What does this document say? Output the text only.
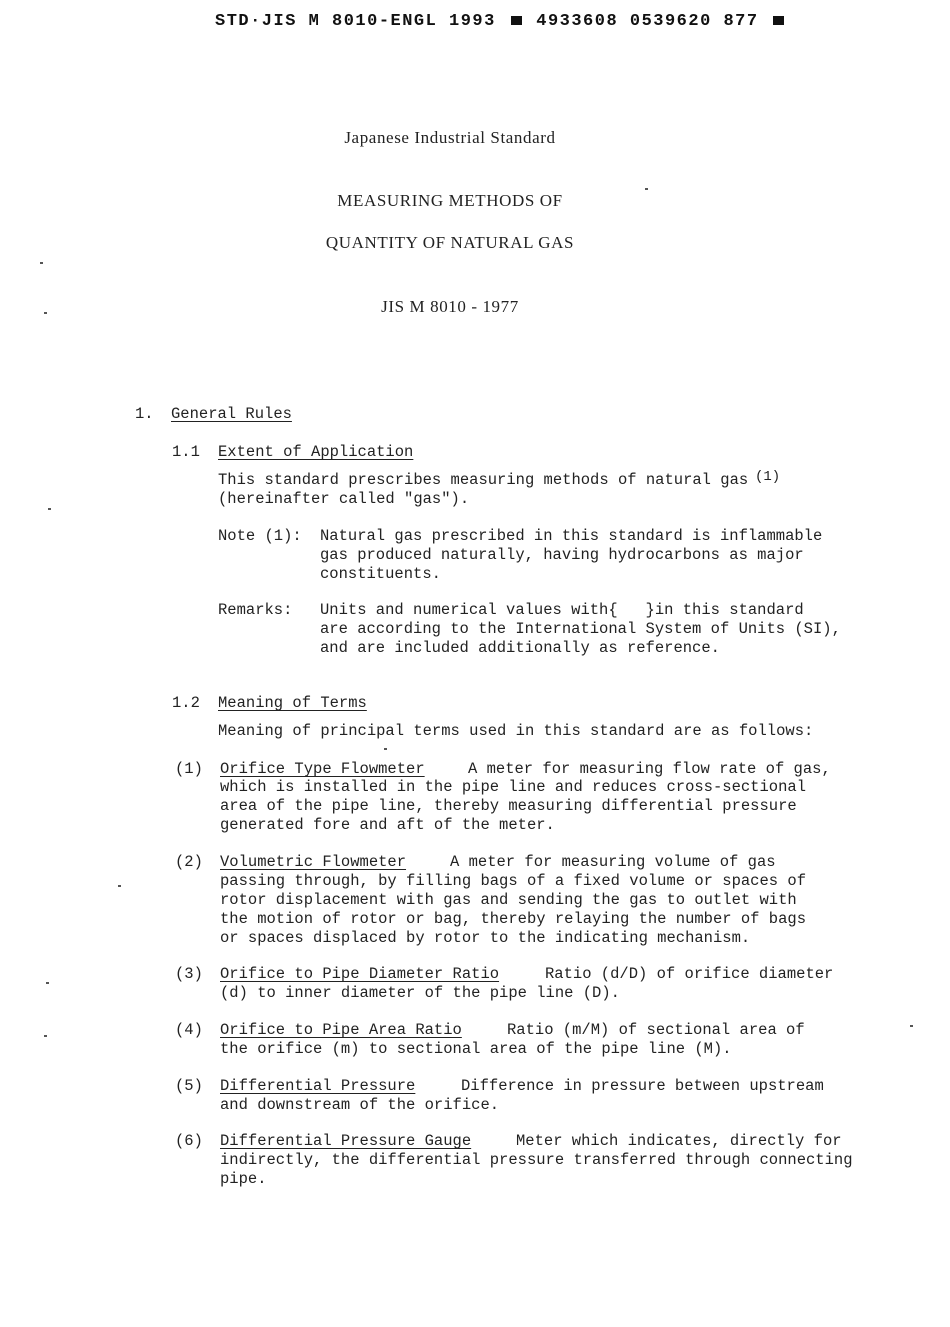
STD·JIS M 8010-ENGL 1993 4933608 0539620 877
Japanese Industrial Standard
MEASURING METHODS OF
QUANTITY OF NATURAL GAS
JIS M 8010 - 1977
1. General Rules
1.1 Extent of Application
This standard prescribes measuring methods of natural gas
(hereinafter called "gas").
(1)
Note (1): Natural gas prescribed in this standard is inflammable
gas produced naturally, having hydrocarbons as major
constituents.
Remarks: Units and numerical values with{   }in this standard
are according to the International System of Units (SI),
and are included additionally as reference.
1.2 Meaning of Terms
Meaning of principal terms used in this standard are as follows:
(1) Orifice Type Flowmeter	A meter for measuring flow rate of gas,
which is installed in the pipe line and reduces cross-sectional
area of the pipe line, thereby measuring differential pressure
generated fore and aft of the meter.
(2) Volumetric Flowmeter	A meter for measuring volume of gas
passing through, by filling bags of a fixed volume or spaces of
rotor displacement with gas and sending the gas to outlet with
the motion of rotor or bag, thereby relaying the number of bags
or spaces displaced by rotor to the indicating mechanism.
(3) Orifice to Pipe Diameter Ratio	Ratio (d/D) of orifice diameter
(d) to inner diameter of the pipe line (D).
(4) Orifice to Pipe Area Ratio	Ratio (m/M) of sectional area of
the orifice (m) to sectional area of the pipe line (M).
(5) Differential Pressure	Difference in pressure between upstream
and downstream of the orifice.
(6) Differential Pressure Gauge	Meter which indicates, directly for
indirectly, the differential pressure transferred through connecting
pipe.
